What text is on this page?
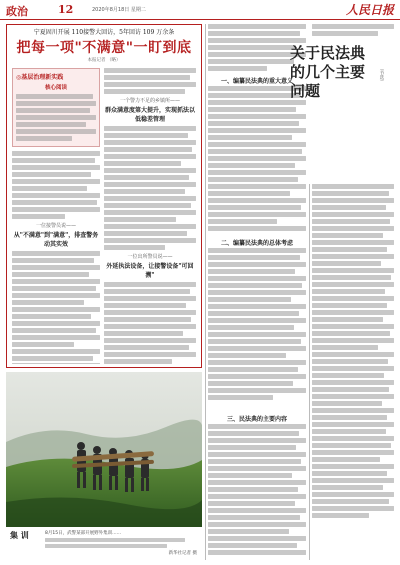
政治	12	2020年8月18日 星期二	人民日报
宁夏固川开展 110接警大回访，5年回访 109 万余条
把每一项"不满意"一盯到底
本报记者 （略）
◎基层治理新实践
核心阅读
一位接警员说——
从"不满意"到"满意"，排查警务动其实效
一个警力不足的乡镇所——
群众满意度第大提升，实现抓法以低稳差管理
一位出所警员说——
外延执法设备，让接警设备"可回溯"
集 训	8月15日，武警某部开展野外集训……
新华社记者 摄
一、编纂民法典的重大意义
二、编纂民法典的总体考虑
三、民法典的主要内容
关于民法典的几个主要问题
（节选）
